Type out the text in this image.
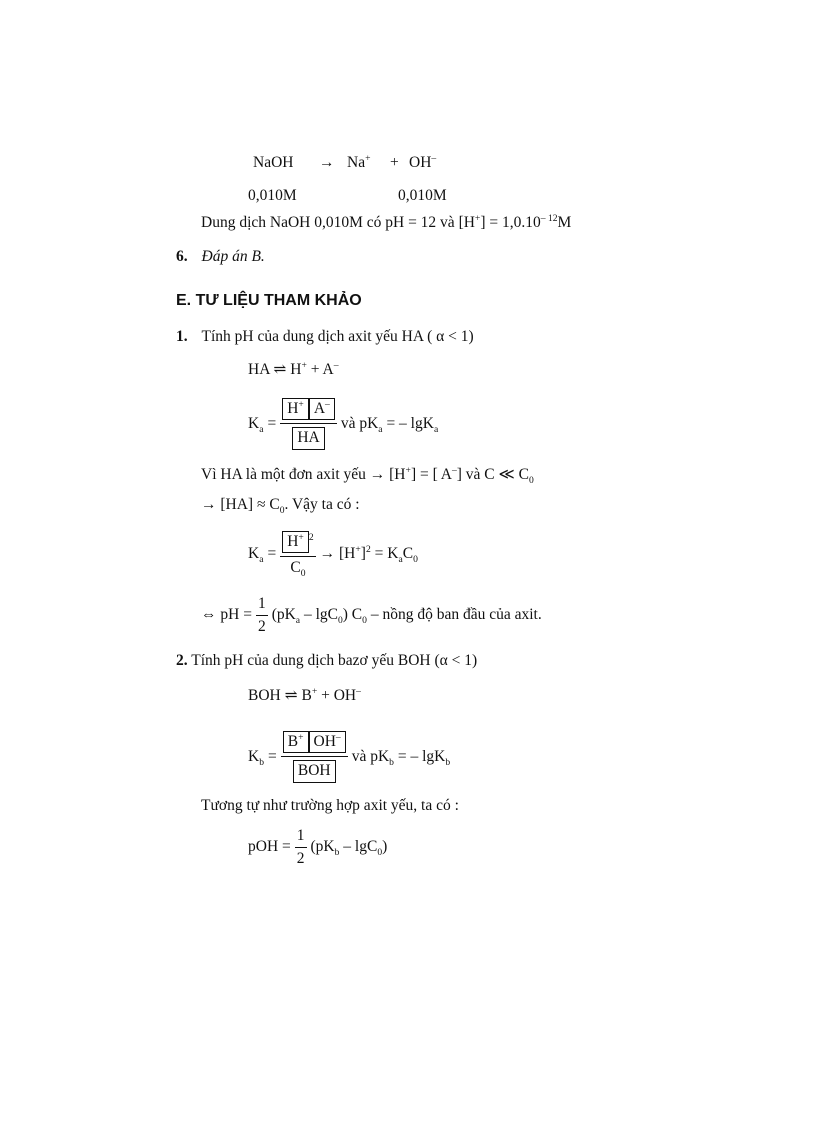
NaOH → Na+ + OH–
0,010M	0,010M
Dung dịch NaOH 0,010M có pH = 12 và $[H^+] = 1,0.10^{- 12}M$
6. Đáp án B.
E. TƯ LIỆU THAM KHẢO
1. Tính pH của dung dịch axit yếu HA ( α < 1)
HA ⇌ H+ + A–
$K_a = \frac{H^+ A^-}{HA}$ và $pK_a$ = – lgK$_a$
Vì HA là một đơn axit yếu → [H+] = [ A–] và C ≪ $C_0$
→ $[HA] \approx C_0$. Vậy ta có :
$K_a = \frac{H^+ ^2}{C_0} \to [H^+]^2 = K_aC_0$
⇔ pH = $\frac{1}{2} (pK_a - \lg C_0)$ $C_0$ – nồng độ ban đầu của axit.
2. Tính pH của dung dịch bazơ yếu BOH (α < 1)
BOH ⇌ B+ + OH–
$K_b = \frac{B^+ OH^-}{\text{BOH}}$ và $pK_b$ = – lgK$_b$
Tương tự như trường hợp axit yếu, ta có :
pOH = $\frac{1}{2} (pK_b - \lg C_0)$
